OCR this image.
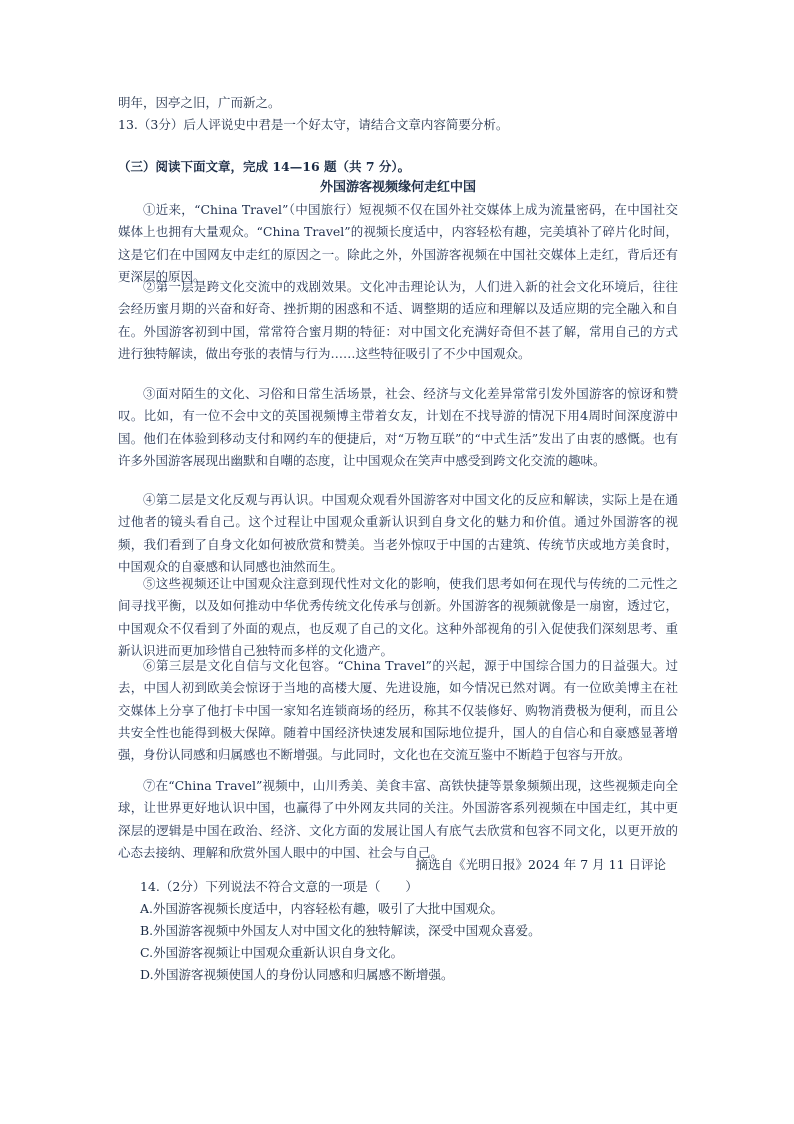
明年，因亭之旧，广而新之。
13.（3分）后人评说史中君是一个好太守，请结合文章内容简要分析。
（三）阅读下面文章，完成 14—16 题（共 7 分）。
外国游客视频缘何走红中国
①近来，“China Travel”（中国旅行）短视频不仅在国外社交媒体上成为流量密码，在中国社交媒体上也拥有大量观众。“China Travel”的视频长度适中，内容轻松有趣，完美填补了碎片化时间，这是它们在中国网友中走红的原因之一。除此之外，外国游客视频在中国社交媒体上走红，背后还有更深层的原因。
②第一层是跨文化交流中的戏剧效果。文化冲击理论认为，人们进入新的社会文化环境后，往往会经历蜜月期的兴奋和好奇、挫折期的困惑和不适、调整期的适应和理解以及适应期的完全融入和自在。外国游客初到中国，常常符合蜜月期的特征：对中国文化充满好奇但不甚了解，常用自己的方式进行独特解读，做出夸张的表情与行为……这些特征吸引了不少中国观众。
③面对陌生的文化、习俗和日常生活场景，社会、经济与文化差异常常引发外国游客的惊讶和赞叹。比如，有一位不会中文的英国视频博主带着女友，计划在不找导游的情况下用4周时间深度游中国。他们在体验到移动支付和网约车的便捷后，对“万物互联”的“中式生活”发出了由衷的感慨。也有许多外国游客展现出幽默和自嘲的态度，让中国观众在笑声中感受到跨文化交流的趣味。
④第二层是文化反观与再认识。中国观众观看外国游客对中国文化的反应和解读，实际上是在通过他者的镜头看自己。这个过程让中国观众重新认识到自身文化的魅力和价值。通过外国游客的视频，我们看到了自身文化如何被欣赏和赞美。当老外惊叹于中国的古建筑、传统节庆或地方美食时，中国观众的自豪感和认同感也油然而生。
⑤这些视频还让中国观众注意到现代性对文化的影响，使我们思考如何在现代与传统的二元性之间寻找平衡，以及如何推动中华优秀传统文化传承与创新。外国游客的视频就像是一扇窗，透过它，中国观众不仅看到了外面的观点，也反观了自己的文化。这种外部视角的引入促使我们深刻思考、重新认识进而更加珍惜自己独特而多样的文化遗产。
⑥第三层是文化自信与文化包容。“China Travel”的兴起，源于中国综合国力的日益强大。过去，中国人初到欧美会惊讶于当地的高楼大厦、先进设施，如今情况已然对调。有一位欧美博主在社交媒体上分享了他打卡中国一家知名连锁商场的经历，称其不仅装修好、购物消费极为便利，而且公共安全性也能得到极大保障。随着中国经济快速发展和国际地位提升，国人的自信心和自豪感显著增强，身份认同感和归属感也不断增强。与此同时，文化也在交流互鉴中不断趋于包容与开放。
⑦在“China Travel”视频中，山川秀美、美食丰富、高铁快捷等景象频频出现，这些视频走向全球，让世界更好地认识中国，也赢得了中外网友共同的关注。外国游客系列视频在中国走红，其中更深层的逻辑是中国在政治、经济、文化方面的发展让国人有底气去欣赏和包容不同文化，以更开放的心态去接纳、理解和欣赏外国人眼中的中国、社会与自己。
摘选自《光明日报》2024 年 7 月 11 日评论
14.（2分）下列说法不符合文意的一项是（　　）
A.外国游客视频长度适中，内容轻松有趣，吸引了大批中国观众。
B.外国游客视频中外国友人对中国文化的独特解读，深受中国观众喜爱。
C.外国游客视频让中国观众重新认识自身文化。
D.外国游客视频使国人的身份认同感和归属感不断增强。
